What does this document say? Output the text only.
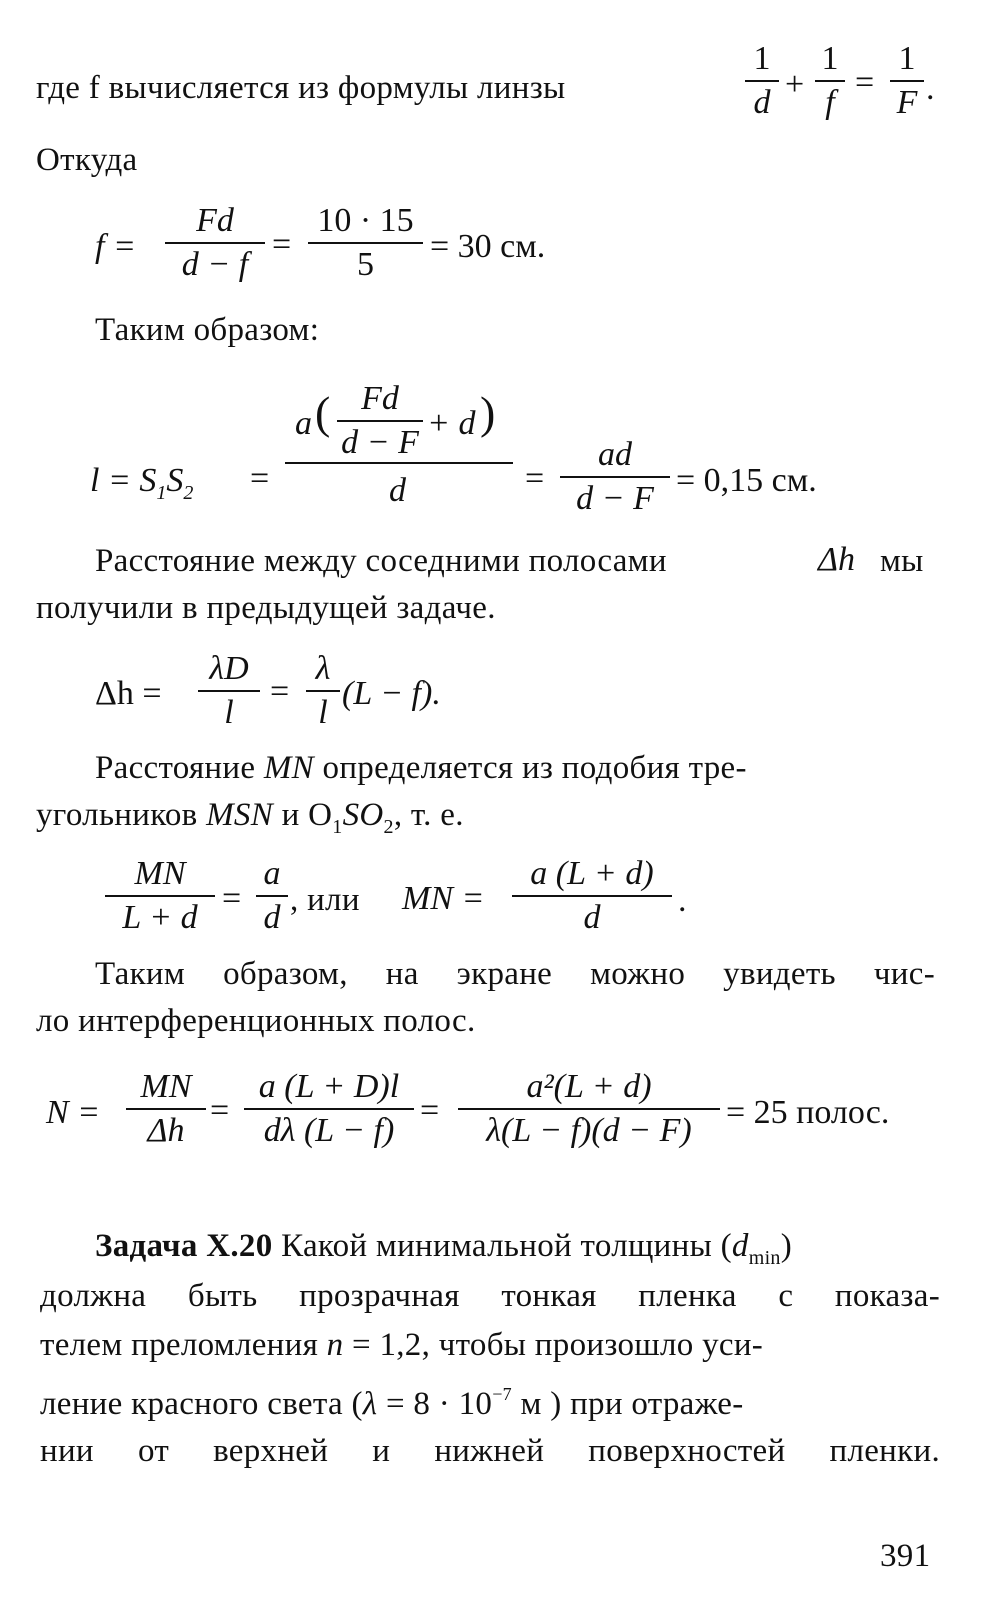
где f вычисляется из формулы линзы
1
d +
1
f
=
1
F .
Откуда
f =
Fd
d − f
=
10 · 15
5	= 30 см.
Таким образом:
$l = S_1S_2$ =
a ( Fd
d − F
+ d )
d	=
ad
d − F = 0,15 см.
Расстояние между соседними полосами	Δh мы
получили в предыдущей задаче.
Δh =
λD
l
=
λ
l
(L − f).
Расстояние MN определяется из подобия тре-
угольников MSN и $O_1SO_2$, т. е.
MN
L + d
=
a
d , или MN =
a (L + d)
d	.
Таким образом, на экране можно увидеть чис-
ло интерференционных полос.
N =
MN
Δh
=
a (L + D)l
dλ (L − f)
=
a²(L + d)
λ(L − f)(d − F)	= 25 полос.
Задача X.20 Какой минимальной толщины $(d_{min})$
должна быть прозрачная тонкая пленка с показа-
телем преломления n = 1,2, чтобы произошло уси-
ление красного света ($\lambda = 8 \cdot 10^{-7}$ м ) при отраже-
нии от верхней и нижней поверхностей пленки.
391
